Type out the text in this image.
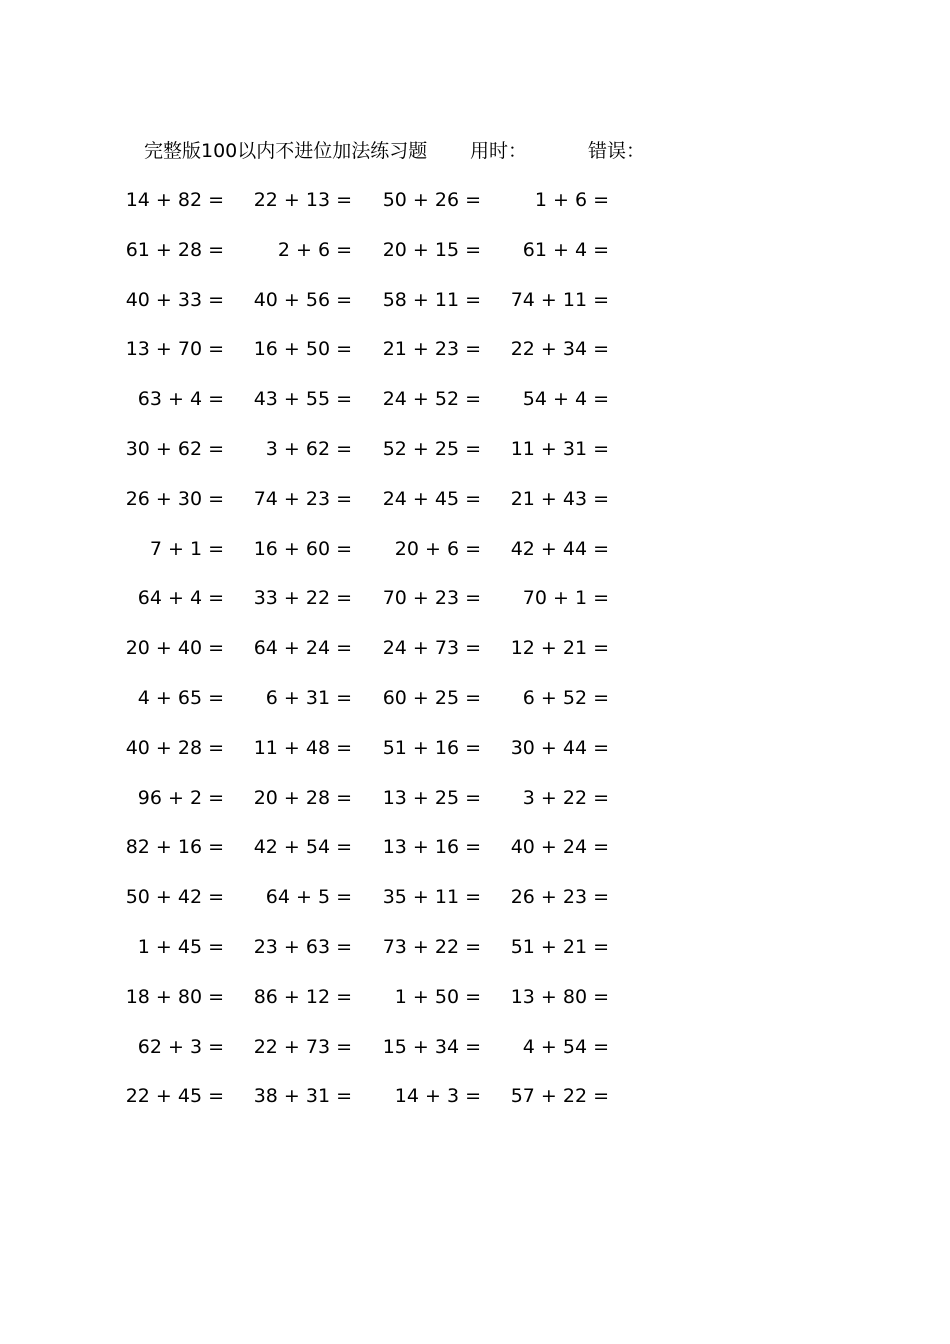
完整版100以内不进位加法练习题 用时：	错误：
14 + 82 = 22 + 13 = 50 + 26 =	1 + 6 =
61 + 28 =	2 + 6 = 20 + 15 = 61 + 4 =
40 + 33 = 40 + 56 = 58 + 11 = 74 + 11 =
13 + 70 = 16 + 50 = 21 + 23 = 22 + 34 =
63 + 4 = 43 + 55 = 24 + 52 = 54 + 4 =
30 + 62 = 3 + 62 = 52 + 25 = 11 + 31 =
26 + 30 = 74 + 23 = 24 + 45 = 21 + 43 =
7 + 1 = 16 + 60 = 20 + 6 = 42 + 44 =
64 + 4 = 33 + 22 = 70 + 23 = 70 + 1 =
20 + 40 = 64 + 24 = 24 + 73 = 12 + 21 =
4 + 65 = 6 + 31 = 60 + 25 = 6 + 52 =
40 + 28 = 11 + 48 = 51 + 16 = 30 + 44 =
96 + 2 = 20 + 28 = 13 + 25 = 3 + 22 =
82 + 16 = 42 + 54 = 13 + 16 = 40 + 24 =
50 + 42 = 64 + 5 = 35 + 11 = 26 + 23 =
1 + 45 = 23 + 63 = 73 + 22 = 51 + 21 =
18 + 80 = 86 + 12 = 1 + 50 = 13 + 80 =
62 + 3 = 22 + 73 = 15 + 34 = 4 + 54 =
22 + 45 = 38 + 31 = 14 + 3 = 57 + 22 =
